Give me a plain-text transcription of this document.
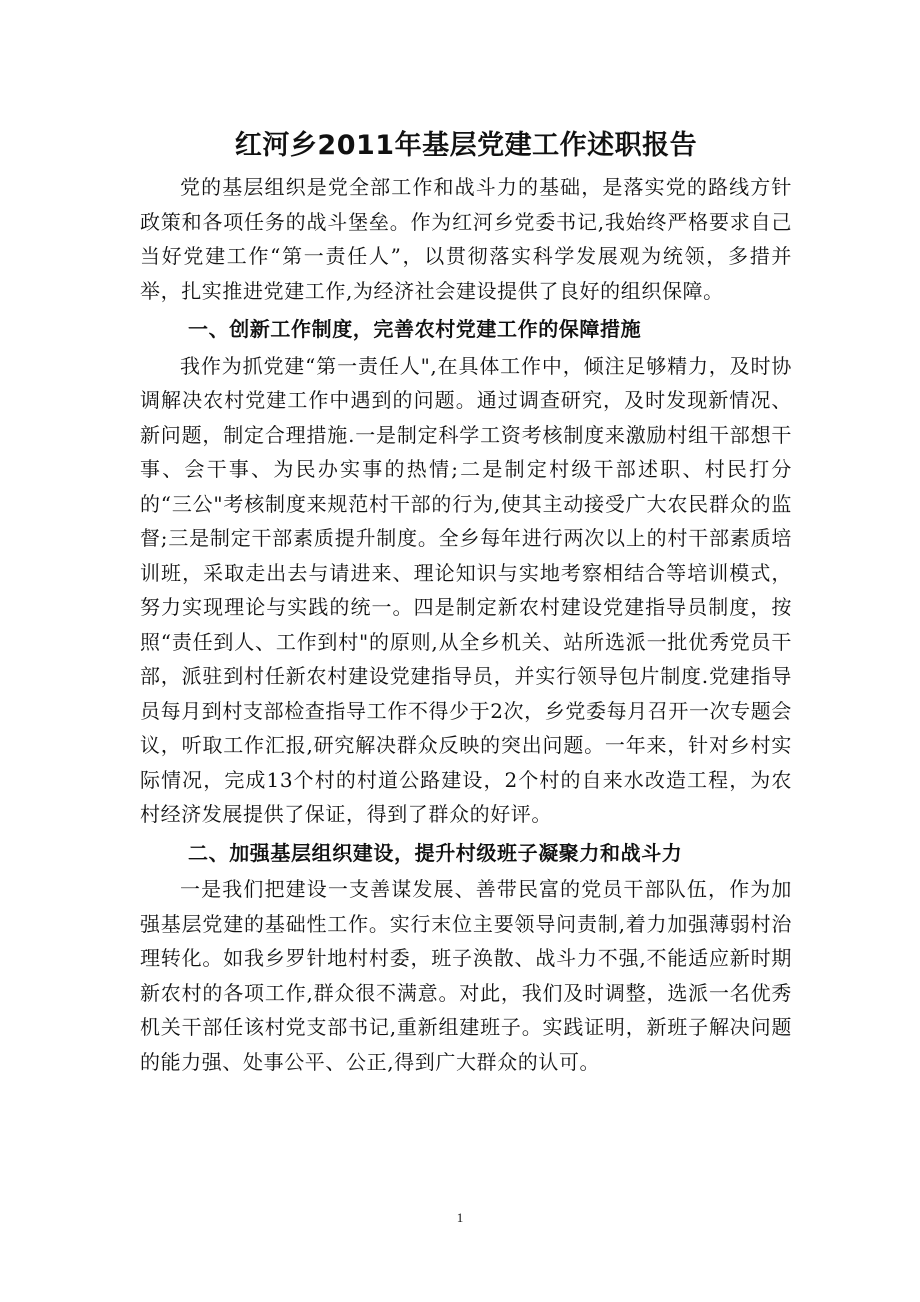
红河乡2011年基层党建工作述职报告

党的基层组织是党全部工作和战斗力的基础，是落实党的路线方针政策和各项任务的战斗堡垒。作为红河乡党委书记,我始终严格要求自己当好党建工作“第一责任人”，以贯彻落实科学发展观为统领，多措并举，扎实推进党建工作,为经济社会建设提供了良好的组织保障。

一、创新工作制度，完善农村党建工作的保障措施

我作为抓党建“第一责任人",在具体工作中，倾注足够精力，及时协调解决农村党建工作中遇到的问题。通过调查研究，及时发现新情况、新问题，制定合理措施.一是制定科学工资考核制度来激励村组干部想干事、会干事、为民办实事的热情;二是制定村级干部述职、村民打分的“三公"考核制度来规范村干部的行为,使其主动接受广大农民群众的监督;三是制定干部素质提升制度。全乡每年进行两次以上的村干部素质培训班，采取走出去与请进来、理论知识与实地考察相结合等培训模式，努力实现理论与实践的统一。四是制定新农村建设党建指导员制度，按照“责任到人、工作到村"的原则,从全乡机关、站所选派一批优秀党员干部，派驻到村任新农村建设党建指导员，并实行领导包片制度.党建指导员每月到村支部检查指导工作不得少于2次，乡党委每月召开一次专题会议，听取工作汇报,研究解决群众反映的突出问题。一年来，针对乡村实际情况，完成13个村的村道公路建设，2个村的自来水改造工程，为农村经济发展提供了保证，得到了群众的好评。

二、加强基层组织建设，提升村级班子凝聚力和战斗力

一是我们把建设一支善谋发展、善带民富的党员干部队伍，作为加强基层党建的基础性工作。实行末位主要领导问责制,着力加强薄弱村治理转化。如我乡罗针地村村委，班子涣散、战斗力不强,不能适应新时期新农村的各项工作,群众很不满意。对此，我们及时调整，选派一名优秀机关干部任该村党支部书记,重新组建班子。实践证明，新班子解决问题的能力强、处事公平、公正,得到广大群众的认可。

1
